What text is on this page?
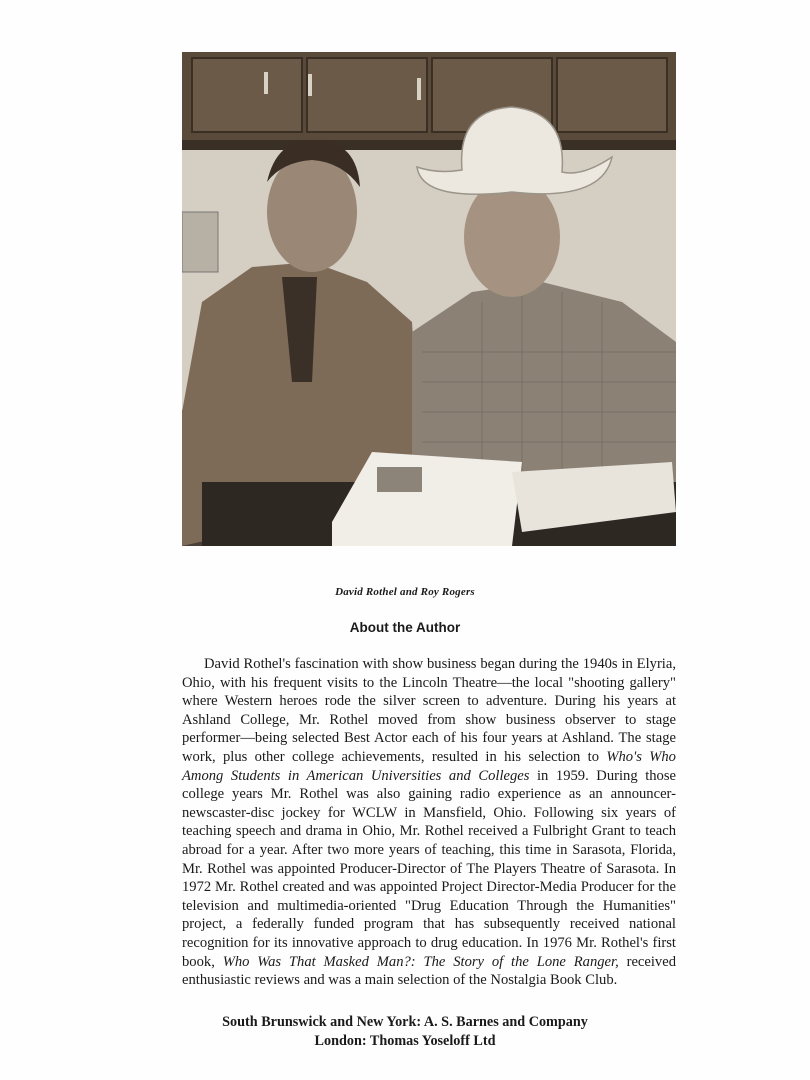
David Rothel and Roy Rogers
About the Author

David Rothel's fascination with show business began during the 1940s in Elyria, Ohio, with his frequent visits to the Lincoln Theatre—the local "shooting gallery" where Western heroes rode the silver screen to adventure. During his years at Ashland College, Mr. Rothel moved from show business observer to stage performer—being selected Best Actor each of his four years at Ashland. The stage work, plus other college achievements, resulted in his selection to Who's Who Among Students in American Universities and Colleges in 1959. During those college years Mr. Rothel was also gaining radio experience as an announcer-newscaster-disc jockey for WCLW in Mansfield, Ohio. Following six years of teaching speech and drama in Ohio, Mr. Rothel received a Fulbright Grant to teach abroad for a year. After two more years of teaching, this time in Sarasota, Florida, Mr. Rothel was appointed Producer-Director of The Players Theatre of Sarasota. In 1972 Mr. Rothel created and was appointed Project Director-Media Producer for the television and multimedia-oriented "Drug Education Through the Humanities" project, a federally funded program that has subsequently received national recognition for its innovative approach to drug education. In 1976 Mr. Rothel's first book, Who Was That Masked Man?: The Story of the Lone Ranger, received enthusiastic reviews and was a main selection of the Nostalgia Book Club.

South Brunswick and New York: A. S. Barnes and Company
London: Thomas Yoseloff Ltd
